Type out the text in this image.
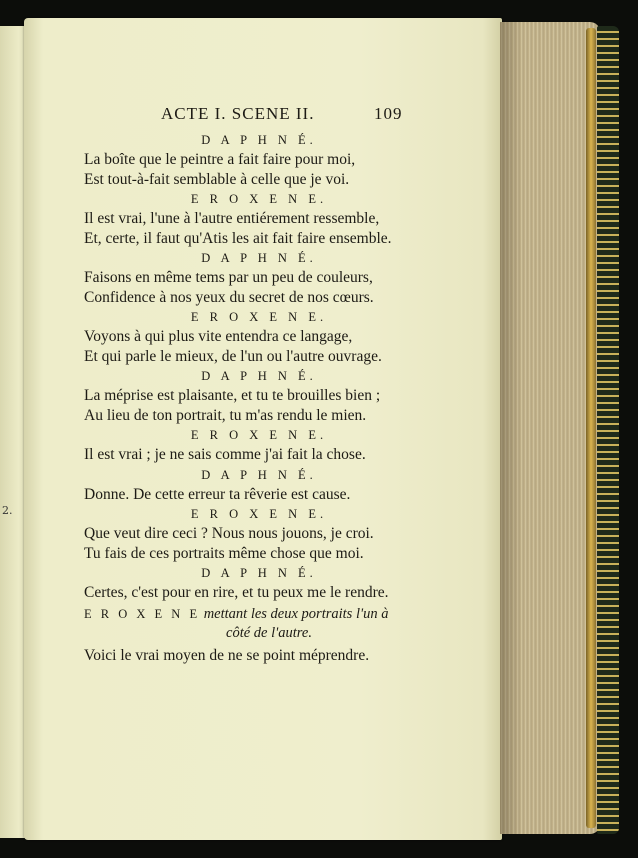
2.
ACTE I. SCENE II.	109

D A P H N É.

La boîte que le peintre a fait faire pour moi,

Est tout-à-fait semblable à celle que je voi.

E R O X E N E.

Il est vrai, l'une à l'autre entiérement ressemble,

Et, certe, il faut qu'Atis les ait fait faire ensemble.

D A P H N É.

Faisons en même tems par un peu de couleurs,

Confidence à nos yeux du secret de nos cœurs.

E R O X E N E.

Voyons à qui plus vite entendra ce langage,

Et qui parle le mieux, de l'un ou l'autre ouvrage.

D A P H N É.

La méprise est plaisante, et tu te brouilles bien ;

Au lieu de ton portrait, tu m'as rendu le mien.

E R O X E N E.

Il est vrai ; je ne sais comme j'ai fait la chose.

D A P H N É.

Donne. De cette erreur ta rêverie est cause.

E R O X E N E.

Que veut dire ceci ? Nous nous jouons, je croi.

Tu fais de ces portraits même chose que moi.

D A P H N É.

Certes, c'est pour en rire, et tu peux me le rendre.

E R O X E N E mettant les deux portraits l'un à
côté de l'autre.

Voici le vrai moyen de ne se point méprendre.
